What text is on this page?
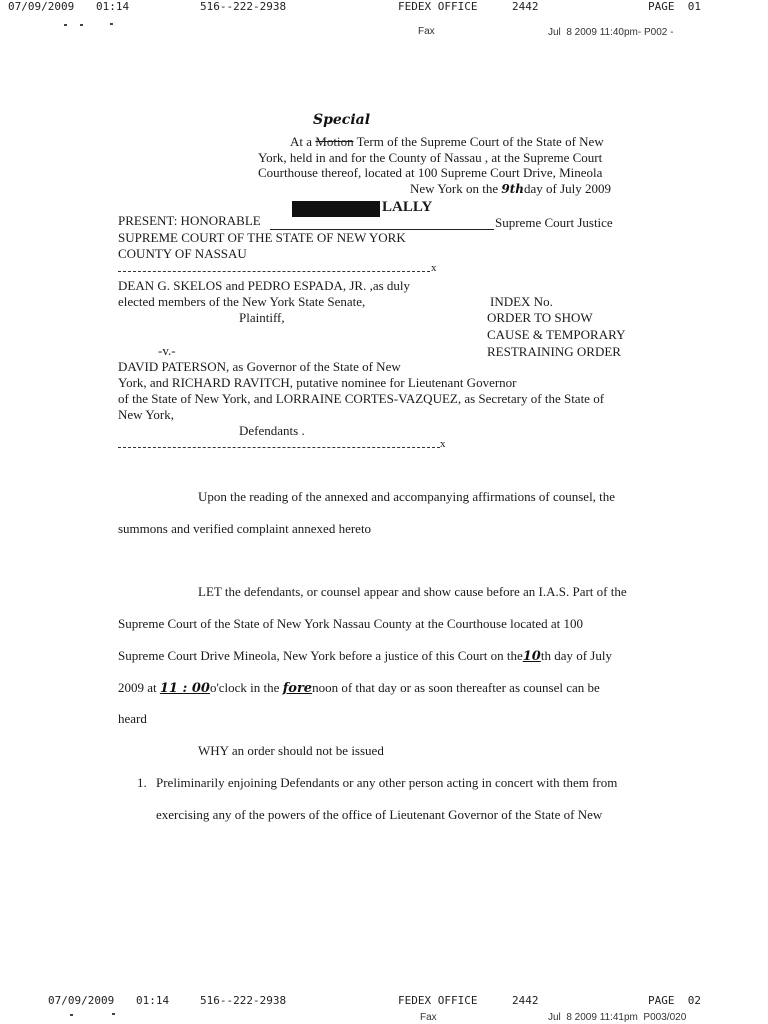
07/09/2009 01:14	516--222-2938	FEDEX OFFICE	2442	PAGE  01
Fax	Jul  8 2009 11:40pm- P002 -
Special
At a Motion Term of the Supreme Court of the State of New
York, held in and for the County of Nassau , at the Supreme Court
Courthouse thereof, located at 100 Supreme Court Drive, Mineola
New York on the 9thday of July 2009
PRESENT: HONORABLE
LALLY
Supreme Court Justice
SUPREME COURT OF THE STATE OF NEW YORK
COUNTY OF NASSAU
x
DEAN G. SKELOS and PEDRO ESPADA, JR. ,as duly
elected members of the New York State Senate,
Plaintiff,
-v.-
INDEX No.
ORDER TO SHOW
CAUSE & TEMPORARY
RESTRAINING ORDER
DAVID PATERSON, as Governor of the State of New
York, and RICHARD RAVITCH, putative nominee for Lieutenant Governor
of the State of New York, and LORRAINE CORTES-VAZQUEZ, as Secretary of the State of
New York,
Defendants .
x
Upon the reading of the annexed and accompanying affirmations of counsel, the
summons and verified complaint annexed hereto
LET the defendants, or counsel appear and show cause before an I.A.S. Part of the
Supreme Court of the State of New York Nassau County at the Courthouse located at 100
Supreme Court Drive Mineola, New York before a justice of this Court on the10th day of July
2009 at 11 : 00o'clock in the forenoon of that day or as soon thereafter as counsel can be
heard
WHY an order should not be issued
1. Preliminarily enjoining Defendants or any other person acting in concert with them from
exercising any of the powers of the office of Lieutenant Governor of the State of New
07/09/2009 01:14	516--222-2938	FEDEX OFFICE	2442	PAGE  02
Fax	Jul  8 2009 11:41pm  P003/020
